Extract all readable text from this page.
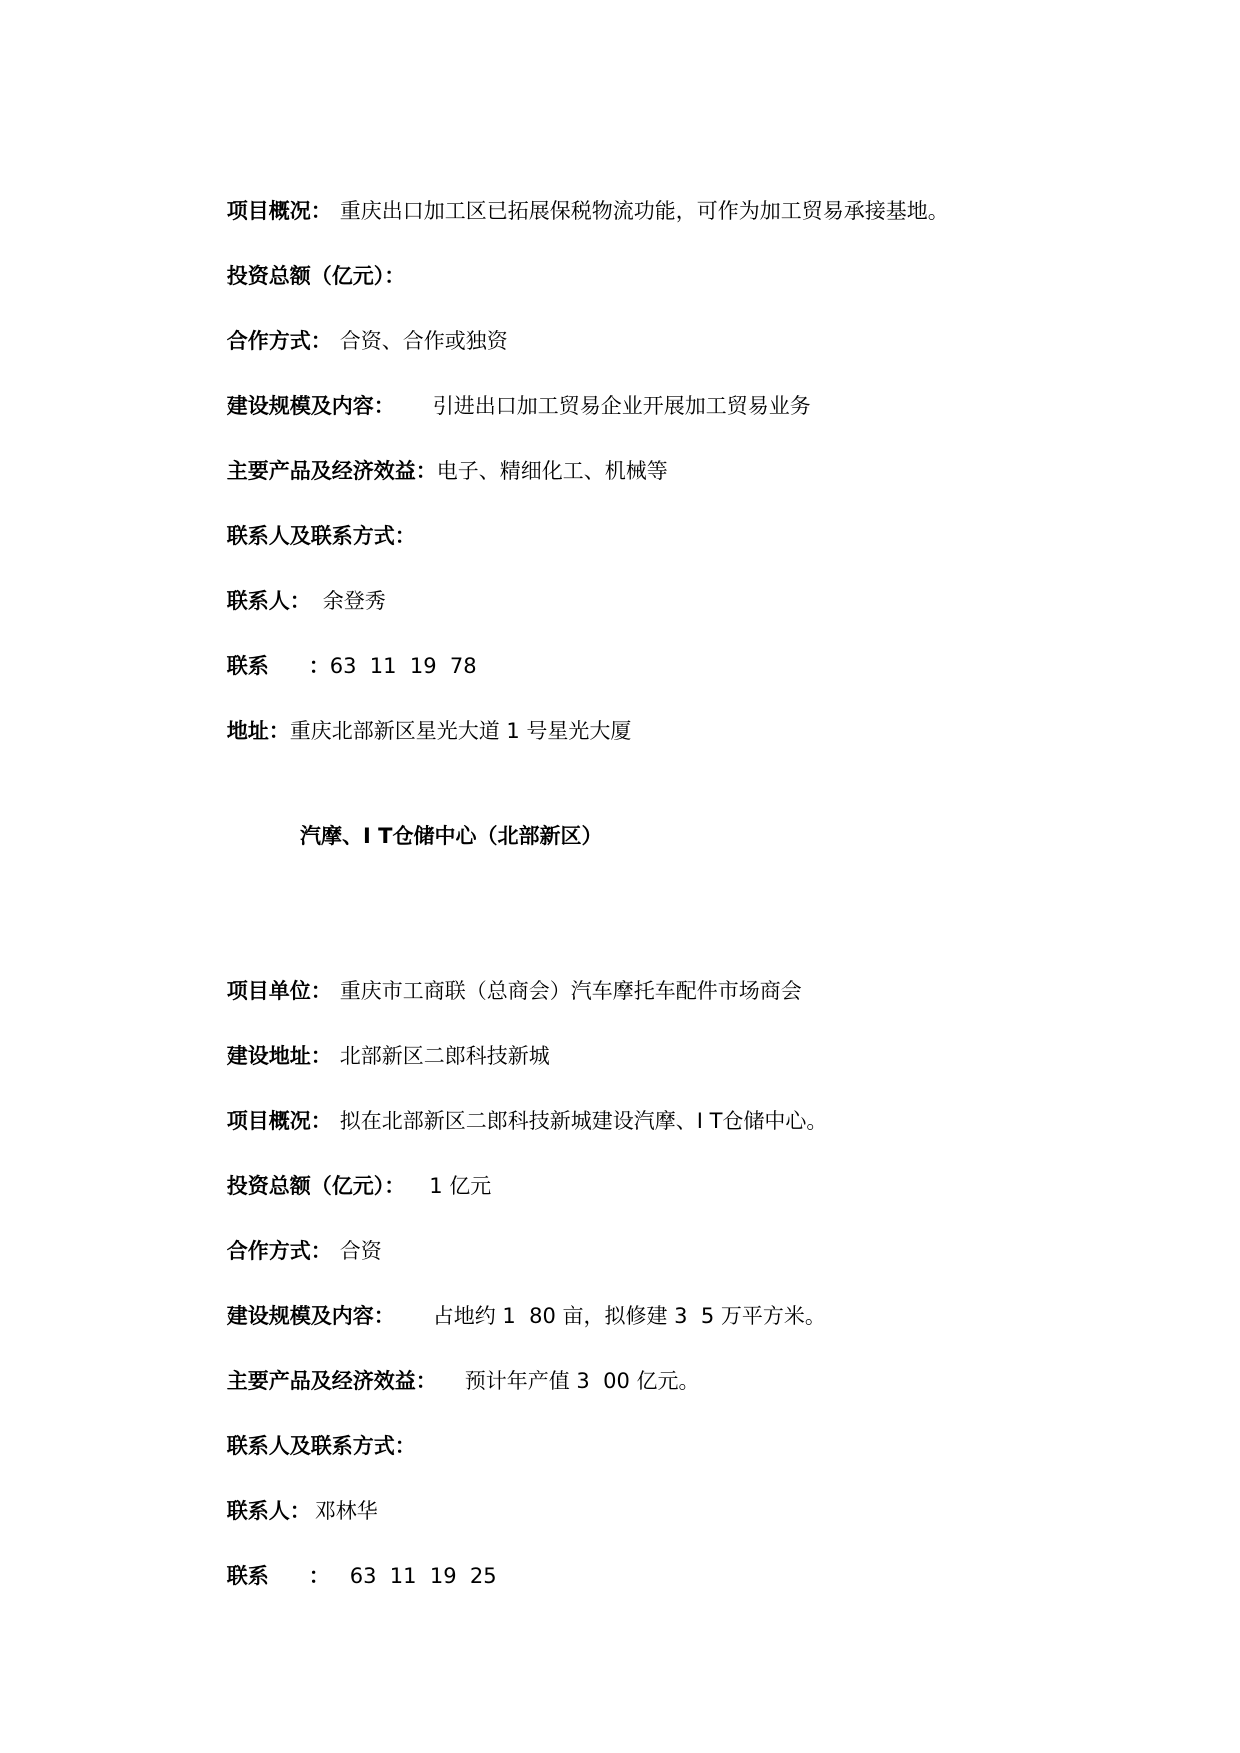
项目概况： 重庆出口加工区已拓展保税物流功能，可作为加工贸易承接基地。

投资总额（亿元）：

合作方式： 合资、合作或独资

建设规模及内容： 引进出口加工贸易企业开展加工贸易业务

主要产品及经济效益：电子、精细化工、机械等

联系人及联系方式：

联系人： 余登秀

联系 ：63  11  19  78

地址：重庆北部新区星光大道 1 号星光大厦

汽摩、I T仓储中心（北部新区）

项目单位： 重庆市工商联（总商会）汽车摩托车配件市场商会

建设地址： 北部新区二郎科技新城

项目概况： 拟在北部新区二郎科技新城建设汽摩、I T仓储中心。

投资总额（亿元）： 1 亿元

合作方式： 合资

建设规模及内容： 占地约 1  80 亩，拟修建 3  5 万平方米。

主要产品及经济效益： 预计年产值 3  00 亿元。

联系人及联系方式：

联系人： 邓林华

联系 ： 63  11  19  25
